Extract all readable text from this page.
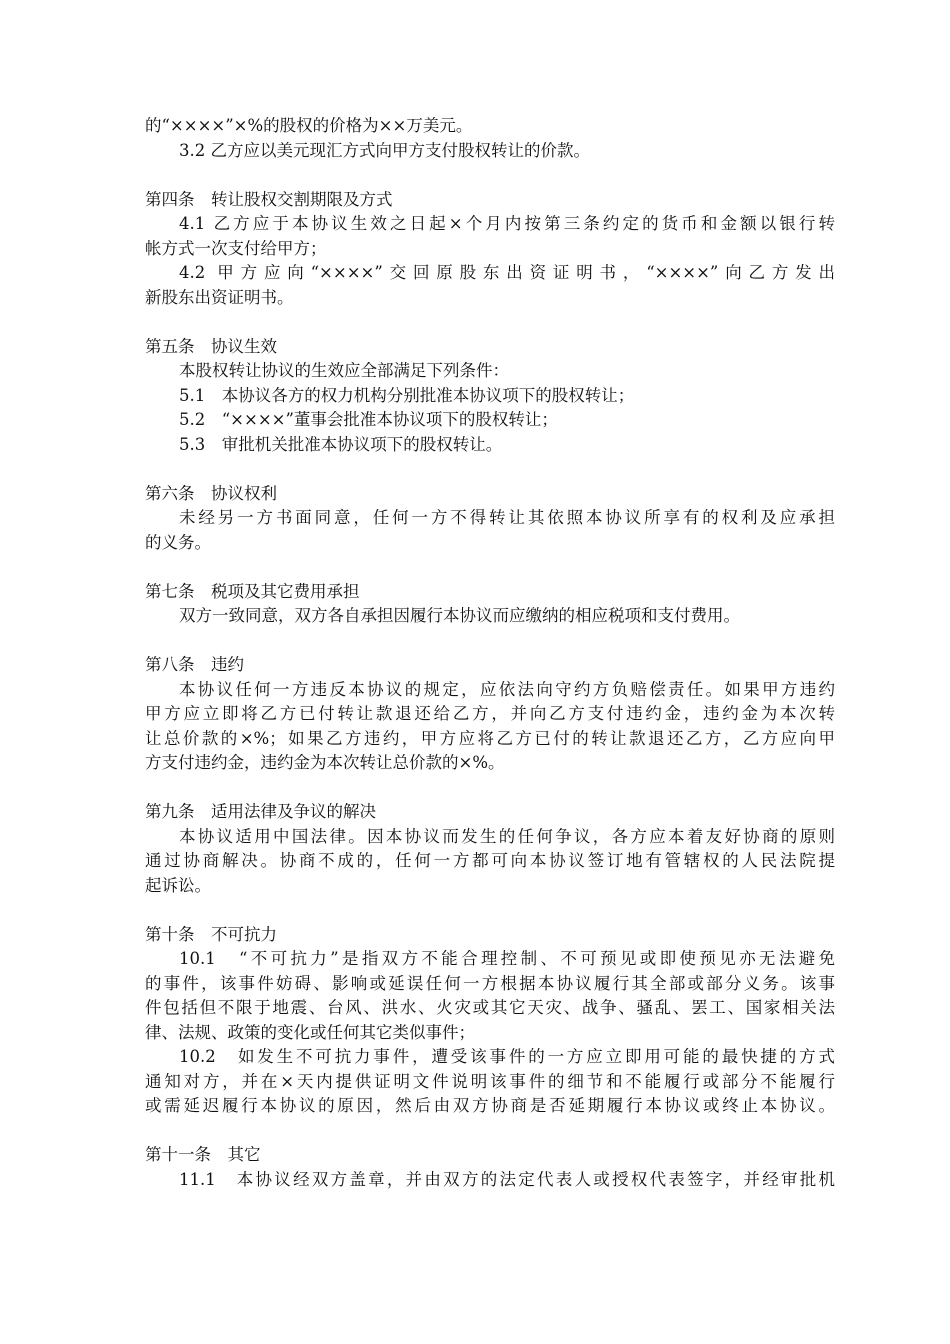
的“××××”×%的股权的价格为××万美元。
3.2 乙方应以美元现汇方式向甲方支付股权转让的价款。
第四条　转让股权交割期限及方式
4.1 乙方应于本协议生效之日起×个月内按第三条约定的货币和金额以银行转
帐方式一次支付给甲方；
4.2 甲方应向“××××”交回原股东出资证明书，“××××”向乙方发出
新股东出资证明书。
第五条　协议生效
本股权转让协议的生效应全部满足下列条件：
5.1　本协议各方的权力机构分别批准本协议项下的股权转让；
5.2　“××××”董事会批准本协议项下的股权转让；
5.3　审批机关批准本协议项下的股权转让。
第六条　协议权利
未经另一方书面同意，任何一方不得转让其依照本协议所享有的权利及应承担
的义务。
第七条　税项及其它费用承担
双方一致同意，双方各自承担因履行本协议而应缴纳的相应税项和支付费用。
第八条　违约
本协议任何一方违反本协议的规定，应依法向守约方负赔偿责任。如果甲方违约
甲方应立即将乙方已付转让款退还给乙方，并向乙方支付违约金，违约金为本次转
让总价款的×%；如果乙方违约，甲方应将乙方已付的转让款退还乙方，乙方应向甲
方支付违约金，违约金为本次转让总价款的×%。
第九条　适用法律及争议的解决
本协议适用中国法律。因本协议而发生的任何争议，各方应本着友好协商的原则
通过协商解决。协商不成的，任何一方都可向本协议签订地有管辖权的人民法院提
起诉讼。
第十条　不可抗力
10.1　“不可抗力”是指双方不能合理控制、不可预见或即使预见亦无法避免
的事件，该事件妨碍、影响或延误任何一方根据本协议履行其全部或部分义务。该事
件包括但不限于地震、台风、洪水、火灾或其它天灾、战争、骚乱、罢工、国家相关法
律、法规、政策的变化或任何其它类似事件；
10.2　如发生不可抗力事件，遭受该事件的一方应立即用可能的最快捷的方式
通知对方，并在×天内提供证明文件说明该事件的细节和不能履行或部分不能履行
或需延迟履行本协议的原因，然后由双方协商是否延期履行本协议或终止本协议。
第十一条　其它
11.1　本协议经双方盖章，并由双方的法定代表人或授权代表签字，并经审批机
